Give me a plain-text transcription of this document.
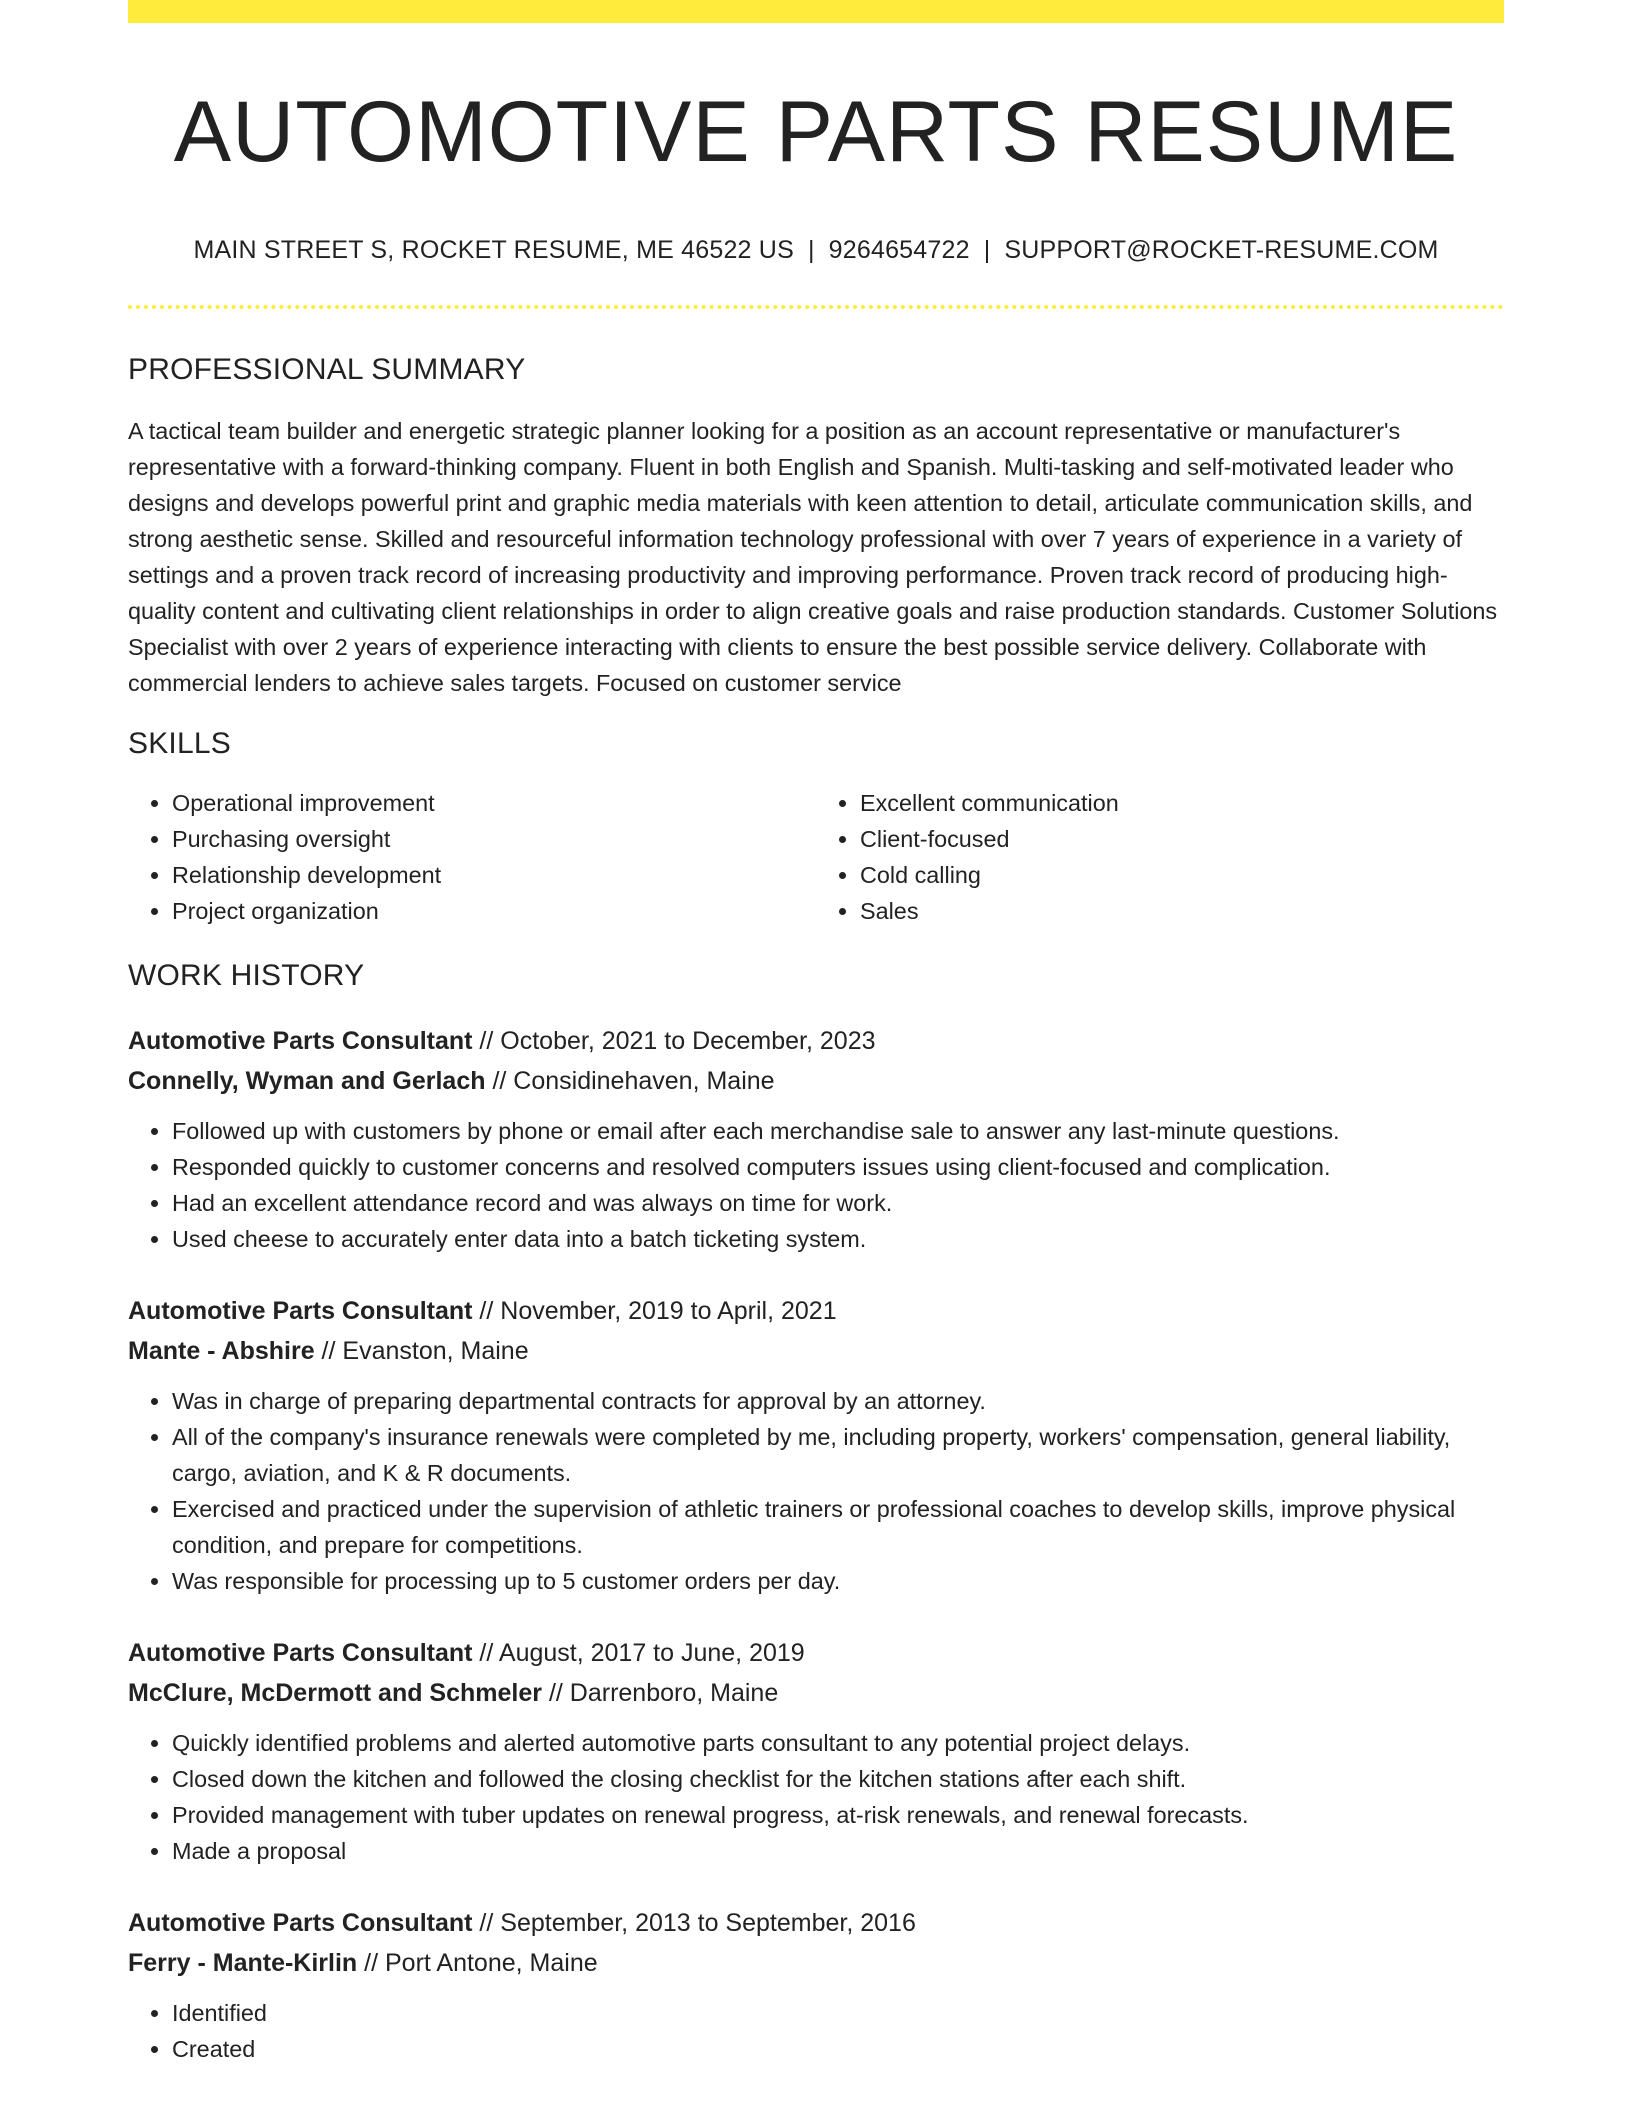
AUTOMOTIVE PARTS RESUME
MAIN STREET S, ROCKET RESUME, ME 46522 US | 9264654722 | SUPPORT@ROCKET-RESUME.COM
PROFESSIONAL SUMMARY
A tactical team builder and energetic strategic planner looking for a position as an account representative or manufacturer's representative with a forward-thinking company. Fluent in both English and Spanish. Multi-tasking and self-motivated leader who designs and develops powerful print and graphic media materials with keen attention to detail, articulate communication skills, and strong aesthetic sense. Skilled and resourceful information technology professional with over 7 years of experience in a variety of settings and a proven track record of increasing productivity and improving performance. Proven track record of producing high-quality content and cultivating client relationships in order to align creative goals and raise production standards. Customer Solutions Specialist with over 2 years of experience interacting with clients to ensure the best possible service delivery. Collaborate with commercial lenders to achieve sales targets. Focused on customer service
SKILLS
• Operational improvement
• Purchasing oversight
• Relationship development
• Project organization
• Excellent communication
• Client-focused
• Cold calling
• Sales
WORK HISTORY
Automotive Parts Consultant // October, 2021 to December, 2023
Connelly, Wyman and Gerlach // Considinehaven, Maine
• Followed up with customers by phone or email after each merchandise sale to answer any last-minute questions.
• Responded quickly to customer concerns and resolved computers issues using client-focused and complication.
• Had an excellent attendance record and was always on time for work.
• Used cheese to accurately enter data into a batch ticketing system.
Automotive Parts Consultant // November, 2019 to April, 2021
Mante - Abshire // Evanston, Maine
• Was in charge of preparing departmental contracts for approval by an attorney.
• All of the company's insurance renewals were completed by me, including property, workers' compensation, general liability, cargo, aviation, and K & R documents.
• Exercised and practiced under the supervision of athletic trainers or professional coaches to develop skills, improve physical condition, and prepare for competitions.
• Was responsible for processing up to 5 customer orders per day.
Automotive Parts Consultant // August, 2017 to June, 2019
McClure, McDermott and Schmeler // Darrenboro, Maine
• Quickly identified problems and alerted automotive parts consultant to any potential project delays.
• Closed down the kitchen and followed the closing checklist for the kitchen stations after each shift.
• Provided management with tuber updates on renewal progress, at-risk renewals, and renewal forecasts.
• Made a proposal
Automotive Parts Consultant // September, 2013 to September, 2016
Ferry - Mante-Kirlin // Port Antone, Maine
• Identified
• Created
